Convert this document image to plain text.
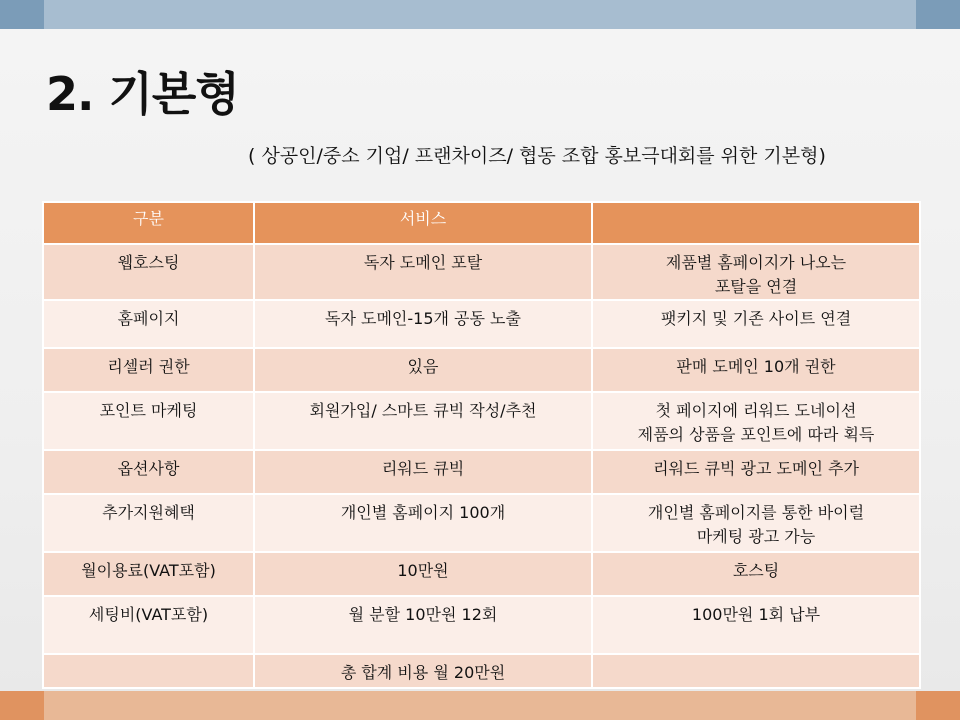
2. 기본형
( 상공인/중소 기업/ 프랜차이즈/ 협동 조합 홍보극대회를 위한 기본형)
구분	서비스	
웹호스팅	독자 도메인 포탈	제품별 홈페이지가 나오는
포탈을 연결

홈페이지	독자 도메인-15개 공동 노출	팻키지 및 기존 사이트 연결

리셀러 권한	있음	판매 도메인 10개 권한

포인트 마케팅	회원가입/ 스마트 큐빅 작성/추천	첫 페이지에 리워드 도네이션
제품의 상품을 포인트에 따라 획득

옵션사항	리워드 큐빅	리워드 큐빅 광고 도메인 추가

추가지원혜택	개인별 홈페이지 100개	개인별 홈페이지를 통한 바이럴
마케팅 광고 가능

월이용료(VAT포함)	10만원	호스팅

세팅비(VAT포함)	월 분할 10만원 12회	100만원 1회 납부

	총 합계 비용 월 20만원	
